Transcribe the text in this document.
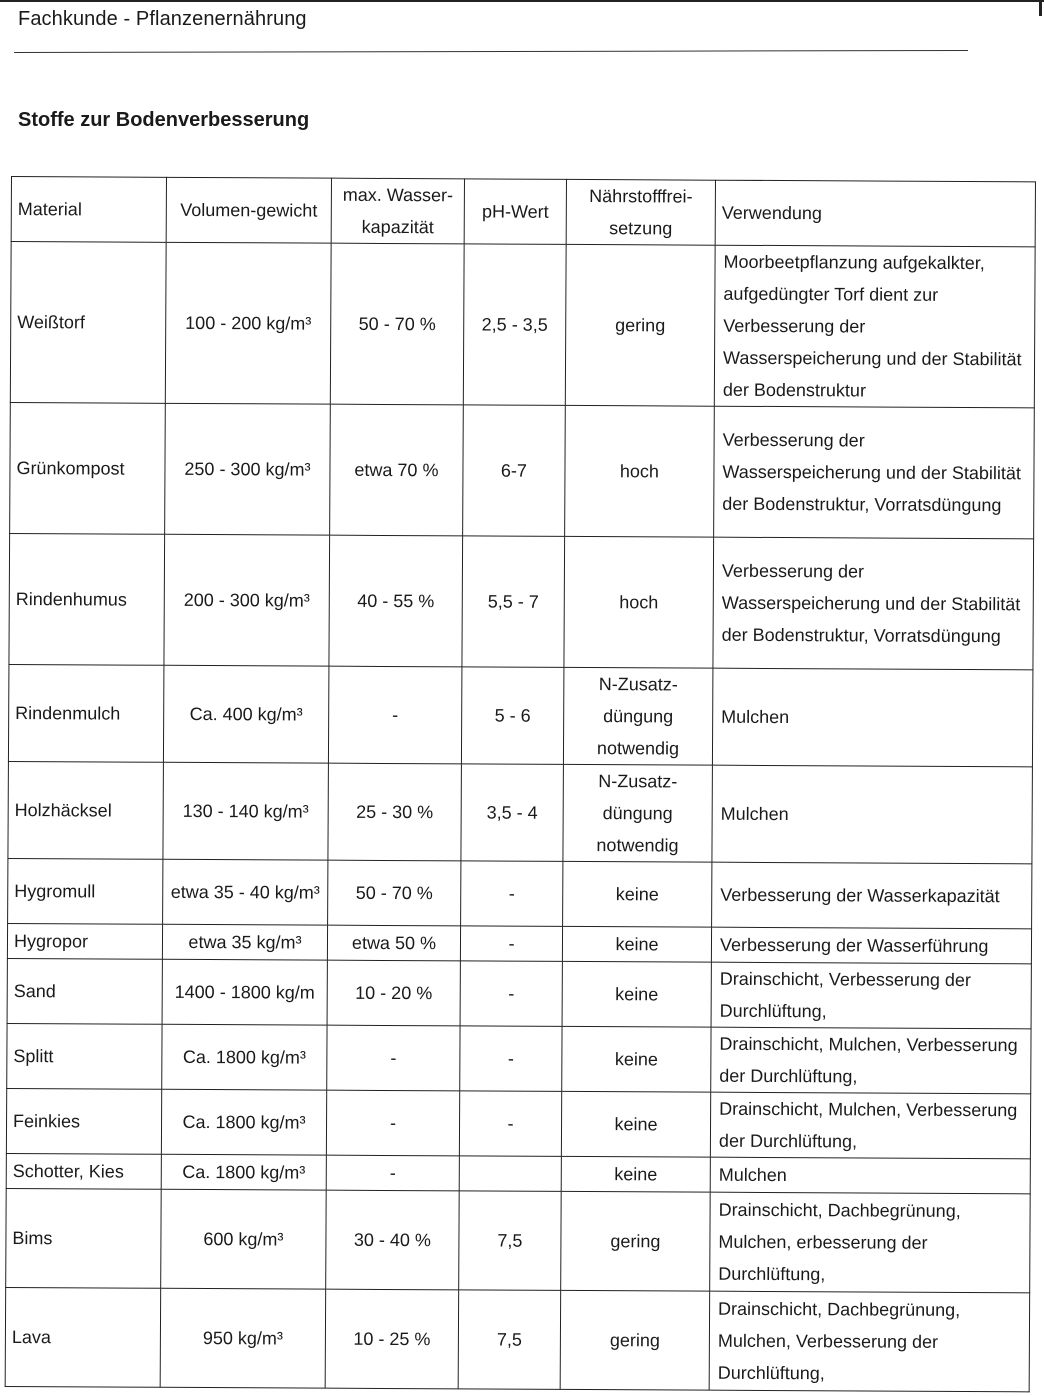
Fachkunde - Pflanzenernährung
Stoffe zur Bodenverbesserung
Material	Volumen-gewicht	max. Wasser-kapazität	pH-Wert	Nährstofffrei-setzung	Verwendung
Weißtorf	100 - 200 kg/m³	50 - 70 %	2,5 - 3,5	gering	Moorbeetpflanzung aufgekalkter, aufgedüngter Torf dient zur Verbesserung der Wasserspeicherung und der Stabilität der Bodenstruktur
Grünkompost	250 - 300 kg/m³	etwa 70 %	6-7	hoch	Verbesserung der Wasserspeicherung und der Stabilität der Bodenstruktur, Vorratsdüngung
Rindenhumus	200 - 300 kg/m³	40 - 55 %	5,5 - 7	hoch	Verbesserung der Wasserspeicherung und der Stabilität der Bodenstruktur, Vorratsdüngung
Rindenmulch	Ca. 400 kg/m³	-	5 - 6	N-Zusatz-düngung notwendig	Mulchen
Holzhäcksel	130 - 140 kg/m³	25 - 30 %	3,5 - 4	N-Zusatz-düngung notwendig	Mulchen
Hygromull	etwa 35 - 40 kg/m³	50 - 70 %	-	keine	Verbesserung der Wasserkapazität
Hygropor	etwa 35 kg/m³	etwa 50 %	-	keine	Verbesserung der Wasserführung
Sand	1400 - 1800 kg/m	10 - 20 %	-	keine	Drainschicht, Verbesserung der Durchlüftung,
Splitt	Ca. 1800 kg/m³	-	-	keine	Drainschicht, Mulchen, Verbesserung der Durchlüftung,
Feinkies	Ca. 1800 kg/m³	-	-	keine	Drainschicht, Mulchen, Verbesserung der Durchlüftung,
Schotter, Kies	Ca. 1800 kg/m³	-		keine	Mulchen
Bims	600 kg/m³	30 - 40 %	7,5	gering	Drainschicht, Dachbegrünung, Mulchen, erbesserung der Durchlüftung,
Lava	950 kg/m³	10 - 25 %	7,5	gering	Drainschicht, Dachbegrünung, Mulchen, Verbesserung der Durchlüftung,
